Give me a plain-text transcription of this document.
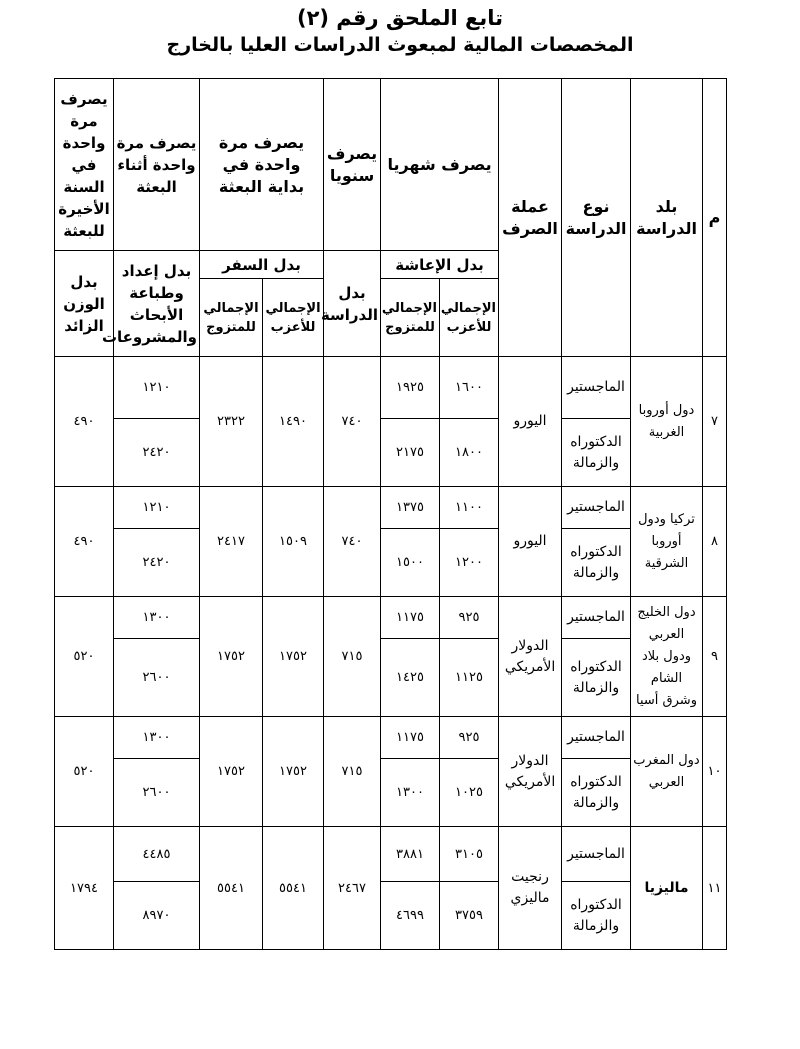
تابع الملحق رقم (٢)
المخصصات المالية لمبعوث الدراسات العليا بالخارج
يصرف مرة واحدة في السنة الأخيرة للبعثة	يصرف مرة واحدة أثناء البعثة	يصرف مرة واحدة في بداية البعثة		يصرف سنويا	يصرف شهريا		عملة الصرف	نوع الدراسة	بلد الدراسة	م
بدل الوزن الزائد	بدل إعداد وطباعة الأبحاث والمشروعات	بدل السفر		بدل الدراسة	بدل الإعاشة					
		الإجمالي للمتزوج	الإجمالي للأعزب		الإجمالي للمتزوج	الإجمالي للأعزب				
٤٩٠	١٢١٠	٢٣٢٢	١٤٩٠	٧٤٠	١٩٢٥	١٦٠٠	اليورو	الماجستير	دول أوروبا الغربية	٧
	٢٤٢٠				٢١٧٥	١٨٠٠		الدكتوراه والزمالة		
٤٩٠	١٢١٠	٢٤١٧	١٥٠٩	٧٤٠	١٣٧٥	١١٠٠	اليورو	الماجستير	تركيا ودول أوروبا الشرقية	٨
	٢٤٢٠				١٥٠٠	١٢٠٠		الدكتوراه والزمالة		
٥٢٠	١٣٠٠	١٧٥٢	١٧٥٢	٧١٥	١١٧٥	٩٢٥	الدولار الأمريكي	الماجستير	دول الخليج العربي ودول بلاد الشام وشرق أسيا	٩
	٢٦٠٠				١٤٢٥	١١٢٥		الدكتوراه والزمالة		
٥٢٠	١٣٠٠	١٧٥٢	١٧٥٢	٧١٥	١١٧٥	٩٢٥	الدولار الأمريكي	الماجستير	دول المغرب العربي	١٠
	٢٦٠٠				١٣٠٠	١٠٢٥		الدكتوراه والزمالة		
١٧٩٤	٤٤٨٥	٥٥٤١	٥٥٤١	٢٤٦٧	٣٨٨١	٣١٠٥	رنجيت ماليزي	الماجستير	ماليزيا	١١
	٨٩٧٠				٤٦٩٩	٣٧٥٩		الدكتوراه والزمالة		
